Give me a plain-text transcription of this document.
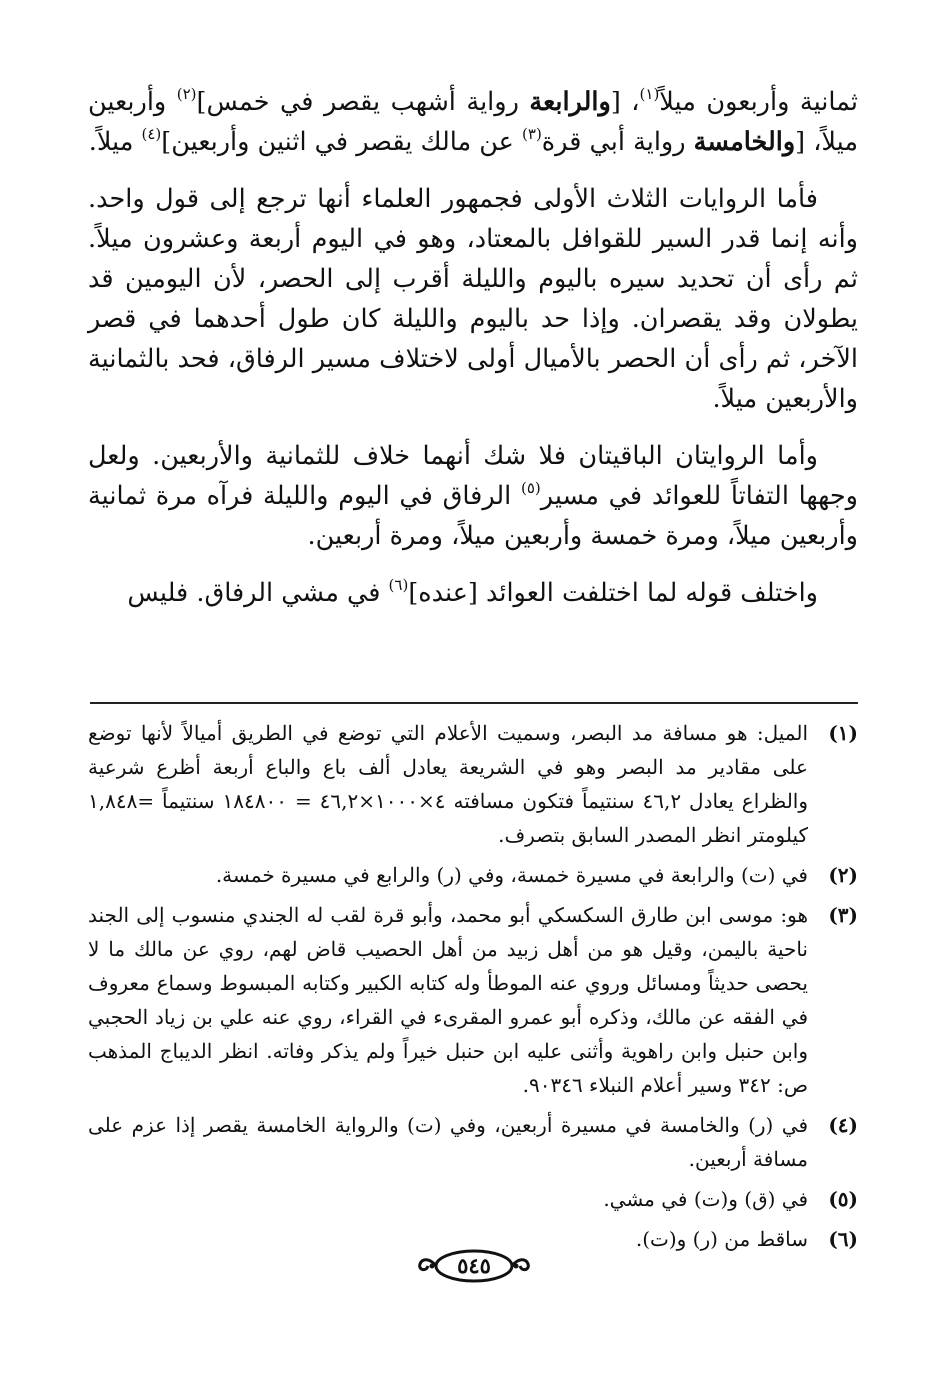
ثمانية وأربعون ميلاً$^{(١)}$، [والرابعة رواية أشهب يقصر في خمس]$^{(٢)}$ وأربعين ميلاً، [والخامسة رواية أبي قرة$^{(٣)}$ عن مالك يقصر في اثنين وأربعين]$^{(٤)}$ ميلاً.

فأما الروايات الثلاث الأولى فجمهور العلماء أنها ترجع إلى قول واحد. وأنه إنما قدر السير للقوافل بالمعتاد، وهو في اليوم أربعة وعشرون ميلاً. ثم رأى أن تحديد سيره باليوم والليلة أقرب إلى الحصر، لأن اليومين قد يطولان وقد يقصران. وإذا حد باليوم والليلة كان طول أحدهما في قصر الآخر، ثم رأى أن الحصر بالأميال أولى لاختلاف مسير الرفاق، فحد بالثمانية والأربعين ميلاً.

وأما الروايتان الباقيتان فلا شك أنهما خلاف للثمانية والأربعين. ولعل وجهها التفاتاً للعوائد في مسير$^{(٥)}$ الرفاق في اليوم والليلة فرآه مرة ثمانية وأربعين ميلاً، ومرة خمسة وأربعين ميلاً، ومرة أربعين.

واختلف قوله لما اختلفت العوائد [عنده]$^{(٦)}$ في مشي الرفاق. فليس

(١)
الميل: هو مسافة مد البصر، وسميت الأعلام التي توضع في الطريق أميالاً لأنها توضع على مقادير مد البصر وهو في الشريعة يعادل ألف باع والباع أربعة أظرع شرعية والظراع يعادل ٤٦,٢ سنتيماً فتكون مسافته ٤×١٠٠٠×٤٦,٢ = ١٨٤٨٠٠ سنتيماً =١,٨٤٨ كيلومتر انظر المصدر السابق بتصرف.
(٢)
في (ت) والرابعة في مسيرة خمسة، وفي (ر) والرابع في مسيرة خمسة.
(٣)
هو: موسى ابن طارق السكسكي أبو محمد، وأبو قرة لقب له الجندي منسوب إلى الجند ناحية باليمن، وقيل هو من أهل زبيد من أهل الحصيب قاض لهم، روي عن مالك ما لا يحصى حديثاً ومسائل وروي عنه الموطأ وله كتابه الكبير وكتابه المبسوط وسماع معروف في الفقه عن مالك، وذكره أبو عمرو المقرىء في القراء، روي عنه علي بن زياد الحجبي وابن حنبل وابن راهوية وأثنى عليه ابن حنبل خيراً ولم يذكر وفاته. انظر الديباج المذهب ص: ٣٤٢ وسير أعلام النبلاء ٩٠٣٤٦.
(٤)
في (ر) والخامسة في مسيرة أربعين، وفي (ت) والرواية الخامسة يقصر إذا عزم على مسافة أربعين.
(٥)
في (ق) و(ت) في مشي.
(٦)
ساقط من (ر) و(ت).
٥٤٥
